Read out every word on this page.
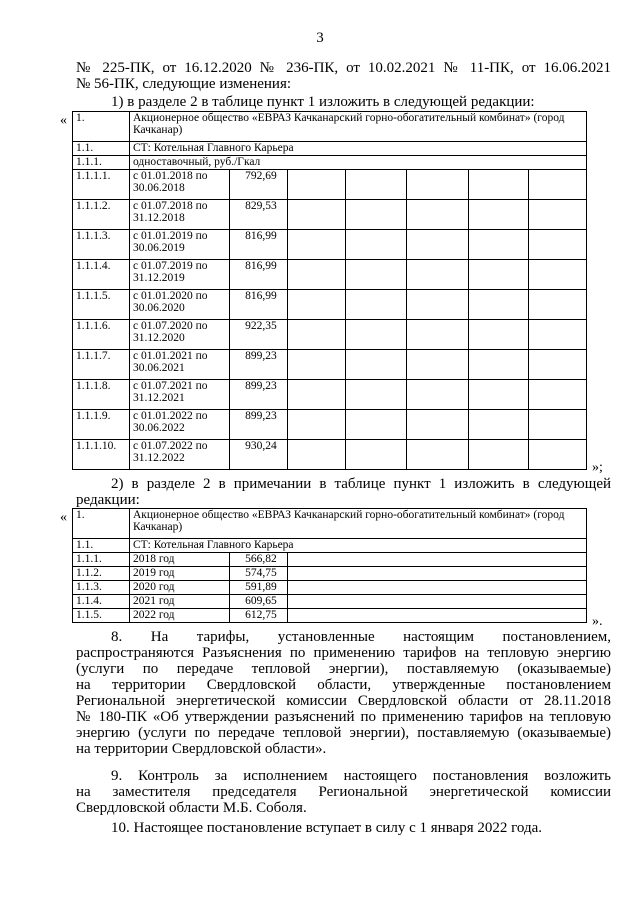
3
№ 225-ПК, от 16.12.2020 № 236-ПК, от 10.02.2021 № 11-ПК, от 16.06.2021
№ 56-ПК, следующие изменения:
1) в разделе 2 в таблице пункт 1 изложить в следующей редакции:
« 1.	Акционерное общество «ЕВРАЗ Качканарский горно-обогатительный комбинат» (город Качканар)						
1.1.	СТ: Котельная Главного Карьера						
1.1.1.	одноставочный, руб./Гкал						
1.1.1.1.	с 01.01.2018 по
30.06.2018	792,69					
1.1.1.2.	с 01.07.2018 по
31.12.2018	829,53					
1.1.1.3.	с 01.01.2019 по
30.06.2019	816,99					
1.1.1.4.	с 01.07.2019 по
31.12.2019	816,99					
1.1.1.5.	с 01.01.2020 по
30.06.2020	816,99					
1.1.1.6.	с 01.07.2020 по
31.12.2020	922,35					
1.1.1.7.	с 01.01.2021 по
30.06.2021	899,23					
1.1.1.8.	с 01.07.2021 по
31.12.2021	899,23					
1.1.1.9.	с 01.01.2022 по
30.06.2022	899,23					
1.1.1.10.	с 01.07.2022 по
31.12.2022	930,24					
»;
2) в разделе 2 в примечании в таблице пункт 1 изложить в следующей
редакции:
« 1.	Акционерное общество «ЕВРАЗ Качканарский горно-обогатительный комбинат» (город Качканар)		
1.1.	СТ: Котельная Главного Карьера		
1.1.1.	2018 год	566,82	
1.1.2.	2019 год	574,75	
1.1.3.	2020 год	591,89	
1.1.4.	2021 год	609,65	
1.1.5.	2022 год	612,75		».
8. На тарифы, установленные настоящим постановлением,
распространяются Разъяснения по применению тарифов на тепловую энергию
(услуги по передаче тепловой энергии), поставляемую (оказываемые)
на территории Свердловской области, утвержденные постановлением
Региональной энергетической комиссии Свердловской области от 28.11.2018
№ 180-ПК «Об утверждении разъяснений по применению тарифов на тепловую
энергию (услуги по передаче тепловой энергии), поставляемую (оказываемые)
на территории Свердловской области».
9. Контроль за исполнением настоящего постановления возложить
на заместителя председателя Региональной энергетической комиссии
Свердловской области М.Б. Соболя.
10. Настоящее постановление вступает в силу с 1 января 2022 года.
